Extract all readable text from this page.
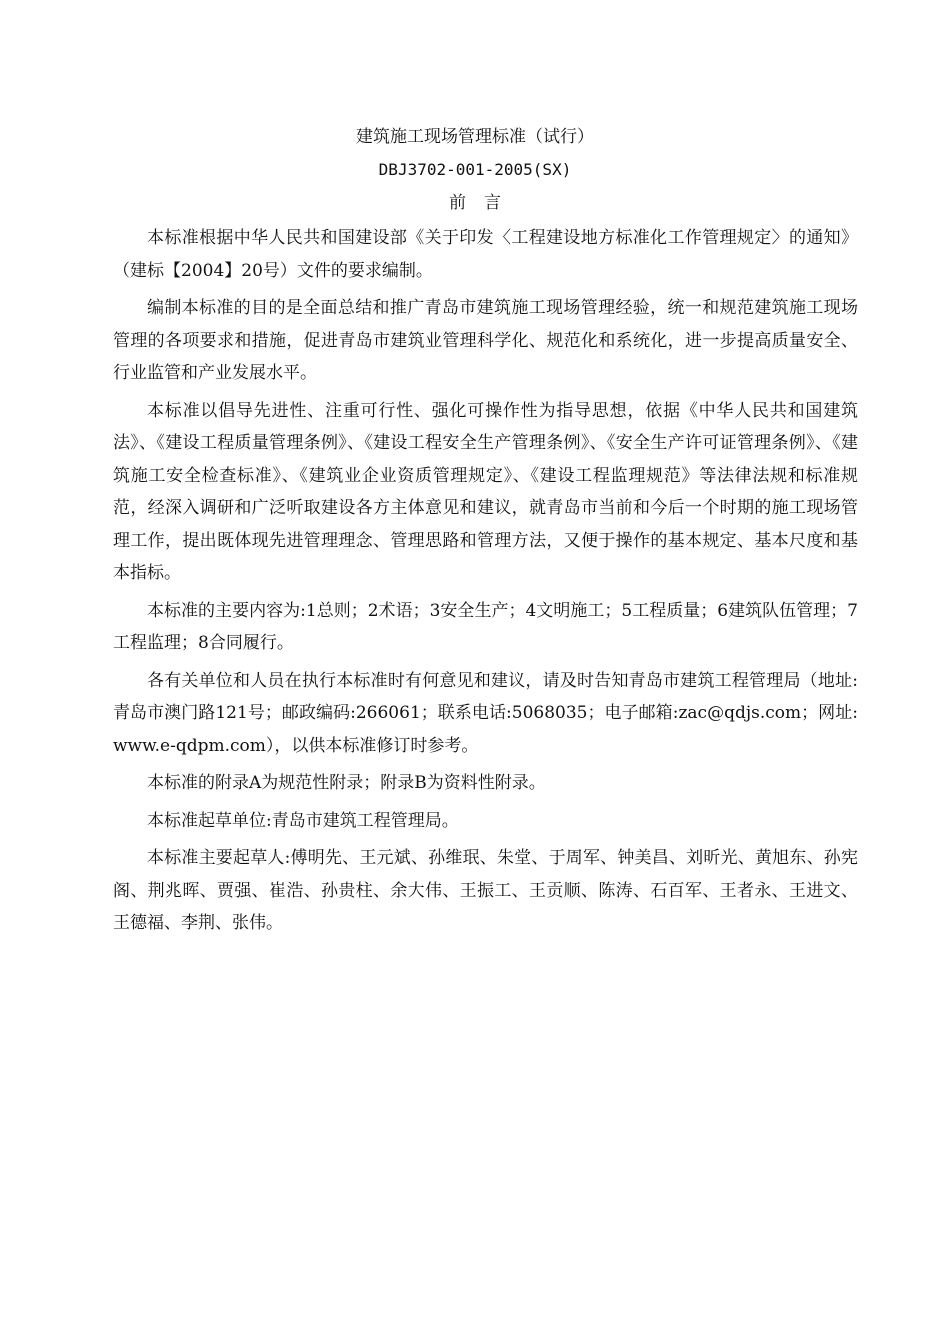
建筑施工现场管理标准（试行）
DBJ3702-001-2005(SX)
前言

本标准根据中华人民共和国建设部《关于印发〈工程建设地方标准化工作管理规定〉的通知》（建标【2004】20号）文件的要求编制。

编制本标准的目的是全面总结和推广青岛市建筑施工现场管理经验，统一和规范建筑施工现场管理的各项要求和措施，促进青岛市建筑业管理科学化、规范化和系统化，进一步提高质量安全、行业监管和产业发展水平。

本标准以倡导先进性、注重可行性、强化可操作性为指导思想，依据《中华人民共和国建筑法》、《建设工程质量管理条例》、《建设工程安全生产管理条例》、《安全生产许可证管理条例》、《建筑施工安全检查标准》、《建筑业企业资质管理规定》、《建设工程监理规范》等法律法规和标准规范，经深入调研和广泛听取建设各方主体意见和建议，就青岛市当前和今后一个时期的施工现场管理工作，提出既体现先进管理理念、管理思路和管理方法，又便于操作的基本规定、基本尺度和基本指标。

本标准的主要内容为:1总则；2术语；3安全生产；4文明施工；5工程质量；6建筑队伍管理；7工程监理；8合同履行。

各有关单位和人员在执行本标准时有何意见和建议，请及时告知青岛市建筑工程管理局（地址:青岛市澳门路121号；邮政编码:266061；联系电话:5068035；电子邮箱:zac@qdjs.com；网址:www.e-qdpm.com），以供本标准修订时参考。

本标准的附录A为规范性附录；附录B为资料性附录。

本标准起草单位:青岛市建筑工程管理局。

本标准主要起草人:傅明先、王元斌、孙维珉、朱堂、于周军、钟美昌、刘昕光、黄旭东、孙宪阁、荆兆晖、贾强、崔浩、孙贵柱、余大伟、王振工、王贡顺、陈涛、石百军、王者永、王进文、王德福、李荆、张伟。
